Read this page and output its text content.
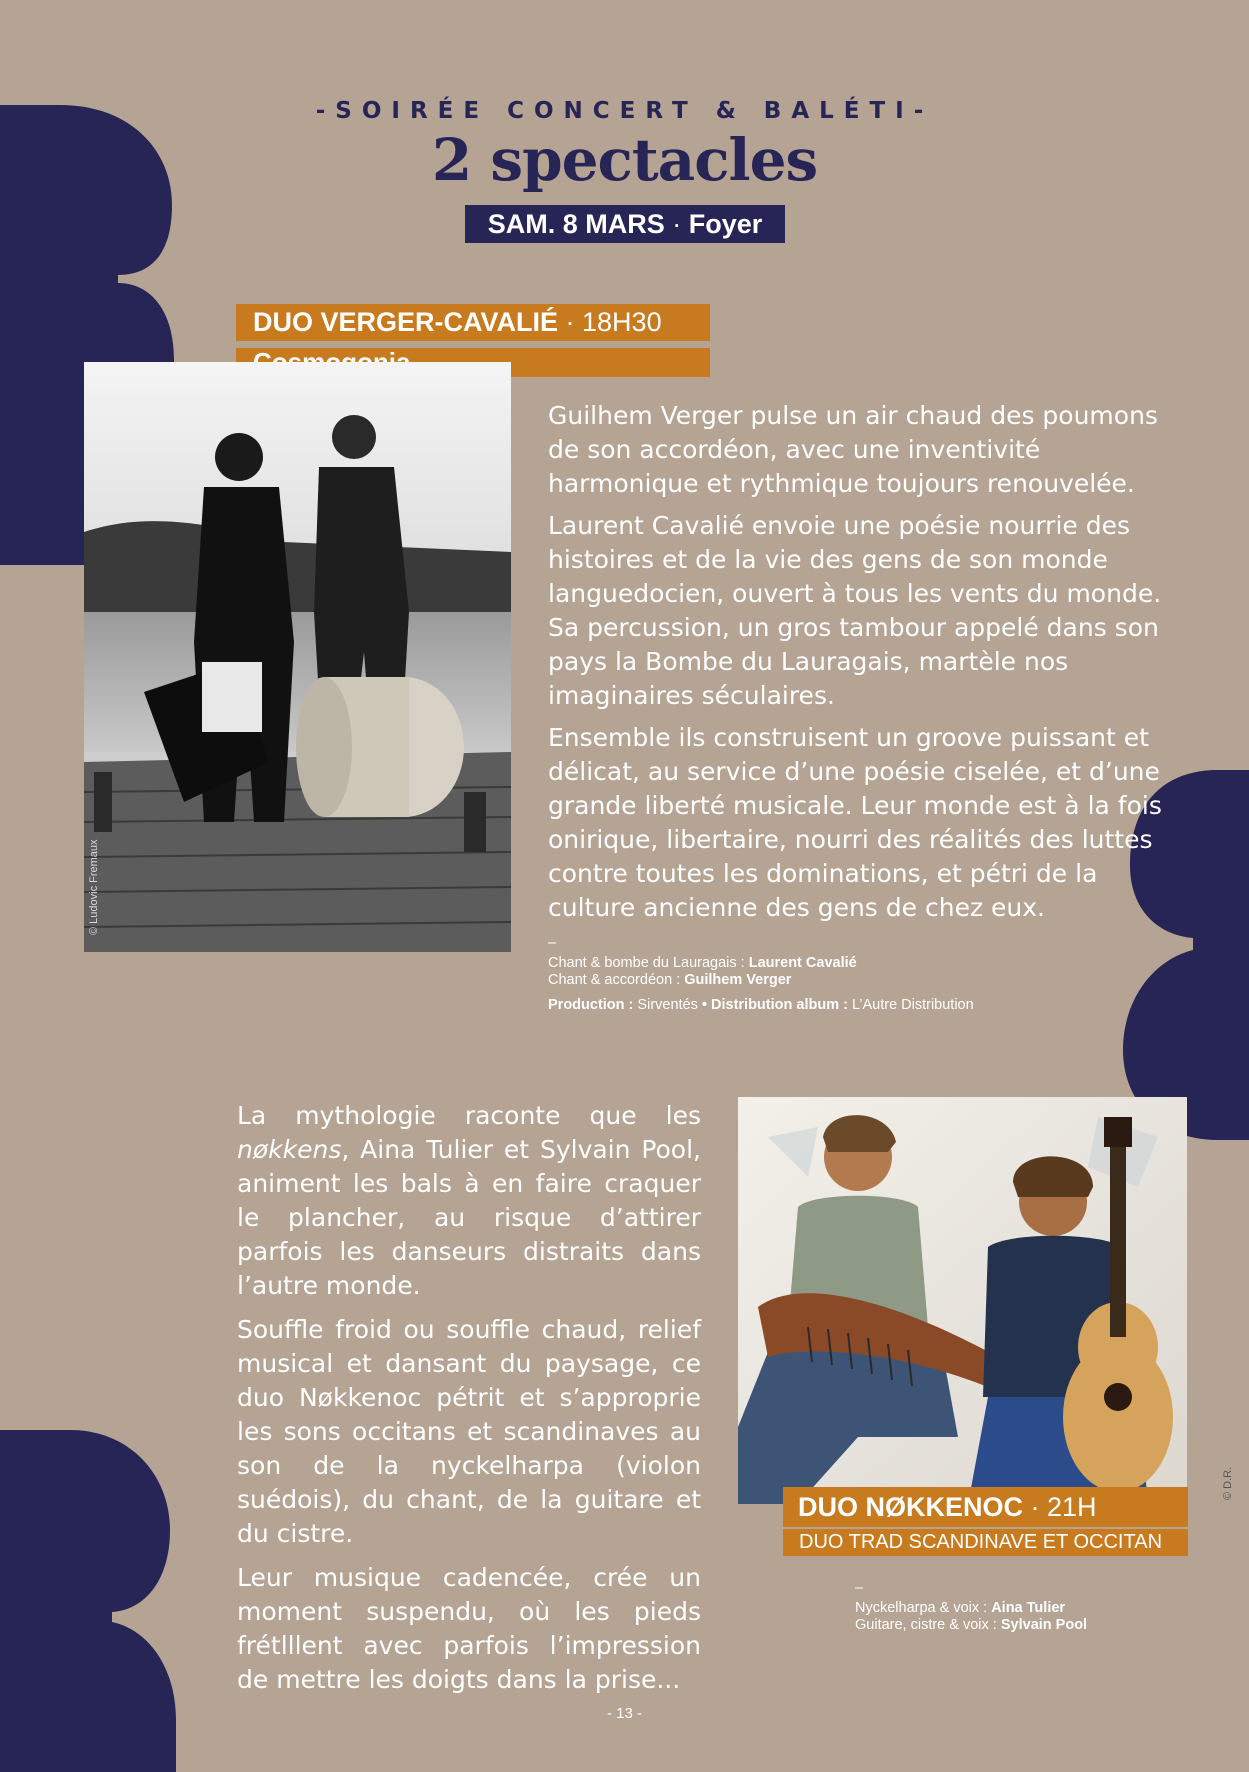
-SOIRÉE CONCERT & BALÉTI-
2 spectacles
SAM. 8 MARS · Foyer
DUO VERGER-CAVALIÉ · 18H30
© Ludovic Fremaux

Guilhem Verger pulse un air chaud des poumons de son accordéon, avec une inventivité harmonique et rythmique toujours renouvelée.

Laurent Cavalié envoie une poésie nourrie des histoires et de la vie des gens de son monde languedocien, ouvert à tous les vents du monde. Sa percussion, un gros tambour appelé dans son pays la Bombe du Lauragais, martèle nos imaginaires séculaires.

Ensemble ils construisent un groove puissant et délicat, au service d’une poésie ciselée, et d’une grande liberté musicale. Leur monde est à la fois onirique, libertaire, nourri des réalités des luttes contre toutes les dominations, et pétri de la culture ancienne des gens de chez eux.

–
Chant & bombe du Lauragais : Laurent Cavalié
Chant & accordéon : Guilhem Verger
Production : Sirventés • Distribution album : L’Autre Distribution

La mythologie raconte que les nøkkens, Aina Tulier et Sylvain Pool, animent les bals à en faire craquer le plancher, au risque d’attirer parfois les danseurs distraits dans l’autre monde.

Souffle froid ou souffle chaud, relief musical et dansant du paysage, ce duo Nøkkenoc pétrit et s’approprie les sons occitans et scandinaves au son de la nyckelharpa (violon suédois), du chant, de la guitare et du cistre.

Leur musique cadencée, crée un moment suspendu, où les pieds frétlllent avec parfois l’impression de mettre les doigts dans la prise...

© D.R.
DUO NØKKENOC · 21H
DUO TRAD SCANDINAVE ET OCCITAN
–
Nyckelharpa & voix : Aina Tulier
Guitare, cistre & voix : Sylvain Pool
- 13 -
